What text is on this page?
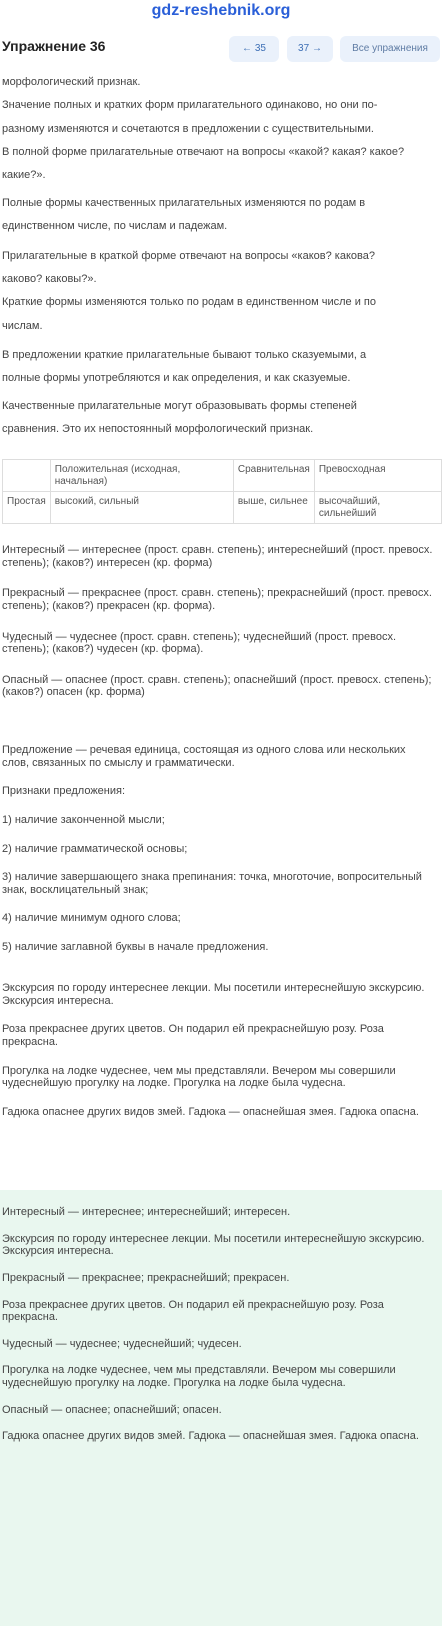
gdz-reshebnik.org
Упражнение 36	← 35	37 →	Все упражнения

морфологический признак.

Значение полных и кратких форм прилагательного одинаково, но они по-

разному изменяются и сочетаются в предложении с существительными.

В полной форме прилагательные отвечают на вопросы «какой? какая? какое?

какие?».

Полные формы качественных прилагательных изменяются по родам в

единственном числе, по числам и падежам.

Прилагательные в краткой форме отвечают на вопросы «каков? какова?

каково? каковы?».

Краткие формы изменяются только по родам в единственном числе и по

числам.

В предложении краткие прилагательные бывают только сказуемыми, а

полные формы употребляются и как определения, и как сказуемые.

Качественные прилагательные могут образовывать формы степеней

сравнения. Это их непостоянный морфологический признак.

	Положительная (исходная, начальная)	Сравнительная	Превосходная
Простая	высокий, сильный	выше, сильнее	высочайший, сильнейший

Интересный — интереснее (прост. сравн. степень); интереснейший (прост. превосх. степень); (каков?) интересен (кр. форма)

Прекрасный — прекраснее (прост. сравн. степень); прекраснейший (прост. превосх. степень); (каков?) прекрасен (кр. форма).

Чудесный — чудеснее (прост. сравн. степень); чудеснейший (прост. превосх. степень); (каков?) чудесен (кр. форма).

Опасный — опаснее (прост. сравн. степень); опаснейший (прост. превосх. степень); (каков?) опасен (кр. форма)

Предложение — речевая единица, состоящая из одного слова или нескольких слов, связанных по смыслу и грамматически.

Признаки предложения:

1) наличие законченной мысли;

2) наличие грамматической основы;

3) наличие завершающего знака препинания: точка, многоточие, вопросительный знак, восклицательный знак;

4) наличие минимум одного слова;

5) наличие заглавной буквы в начале предложения.

Экскурсия по городу интереснее лекции. Мы посетили интереснейшую экскурсию. Экскурсия интересна.

Роза прекраснее других цветов. Он подарил ей прекраснейшую розу. Роза прекрасна.

Прогулка на лодке чудеснее, чем мы представляли. Вечером мы совершили чудеснейшую прогулку на лодке. Прогулка на лодке была чудесна.

Гадюка опаснее других видов змей. Гадюка — опаснейшая змея. Гадюка опасна.

Интересный — интереснее; интереснейший; интересен.

Экскурсия по городу интереснее лекции. Мы посетили интереснейшую экскурсию. Экскурсия интересна.

Прекрасный — прекраснее; прекраснейший; прекрасен.

Роза прекраснее других цветов. Он подарил ей прекраснейшую розу. Роза прекрасна.

Чудесный — чудеснее; чудеснейший; чудесен.

Прогулка на лодке чудеснее, чем мы представляли. Вечером мы совершили чудеснейшую прогулку на лодке. Прогулка на лодке была чудесна.

Опасный — опаснее; опаснейший; опасен.

Гадюка опаснее других видов змей. Гадюка — опаснейшая змея. Гадюка опасна.
